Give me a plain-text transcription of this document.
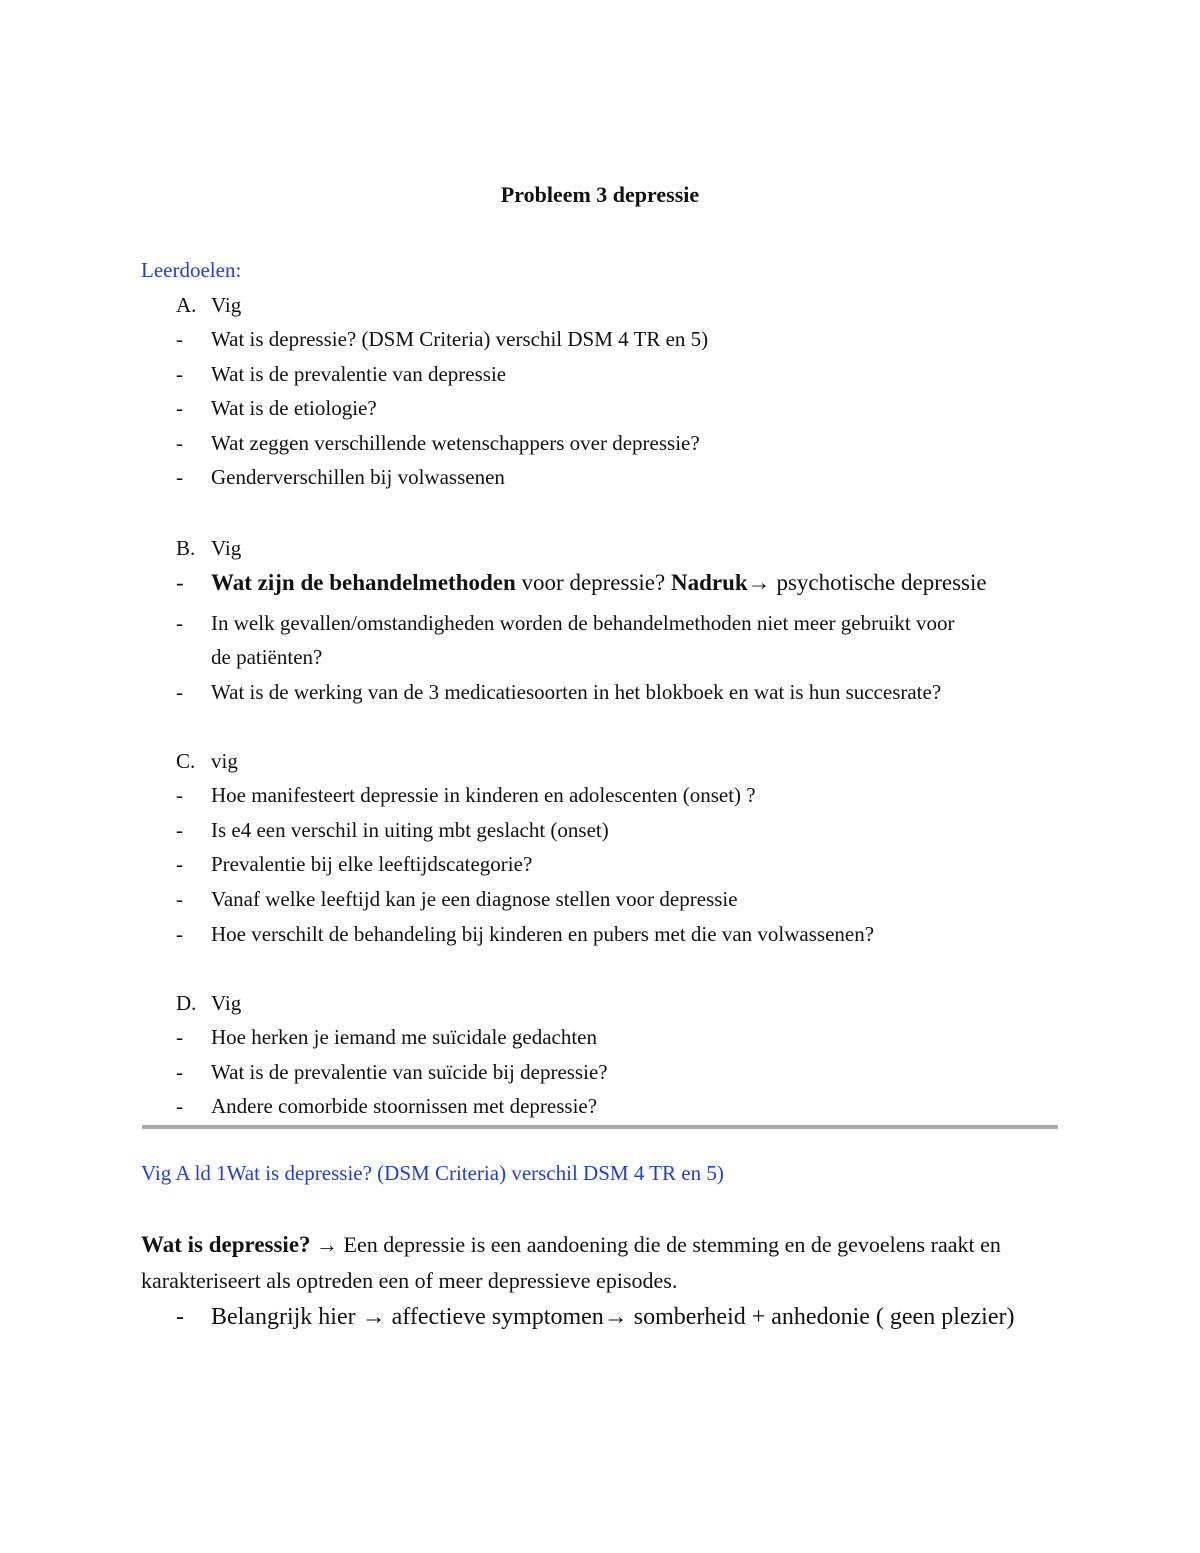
Probleem 3 depressie
Leerdoelen:
A. Vig
- Wat is depressie? (DSM Criteria) verschil DSM 4 TR en 5)
- Wat is de prevalentie van depressie
- Wat is de etiologie?
- Wat zeggen verschillende wetenschappers over depressie?
- Genderverschillen bij volwassenen
B. Vig
- Wat zijn de behandelmethoden voor depressie? Nadruk→ psychotische depressie
- In welk gevallen/omstandigheden worden de behandelmethoden niet meer gebruikt voor
de patiënten?
- Wat is de werking van de 3 medicatiesoorten in het blokboek en wat is hun succesrate?
C. vig
- Hoe manifesteert depressie in kinderen en adolescenten (onset) ?
- Is e4 een verschil in uiting mbt geslacht (onset)
- Prevalentie bij elke leeftijdscategorie?
- Vanaf welke leeftijd kan je een diagnose stellen voor depressie
- Hoe verschilt de behandeling bij kinderen en pubers met die van volwassenen?
D. Vig
- Hoe herken je iemand me suïcidale gedachten
- Wat is de prevalentie van suïcide bij depressie?
- Andere comorbide stoornissen met depressie?
Vig A ld 1Wat is depressie? (DSM Criteria) verschil DSM 4 TR en 5)
Wat is depressie? → Een depressie is een aandoening die de stemming en de gevoelens raakt en
karakteriseert als optreden een of meer depressieve episodes.
- Belangrijk hier → affectieve symptomen→ somberheid + anhedonie ( geen plezier)
